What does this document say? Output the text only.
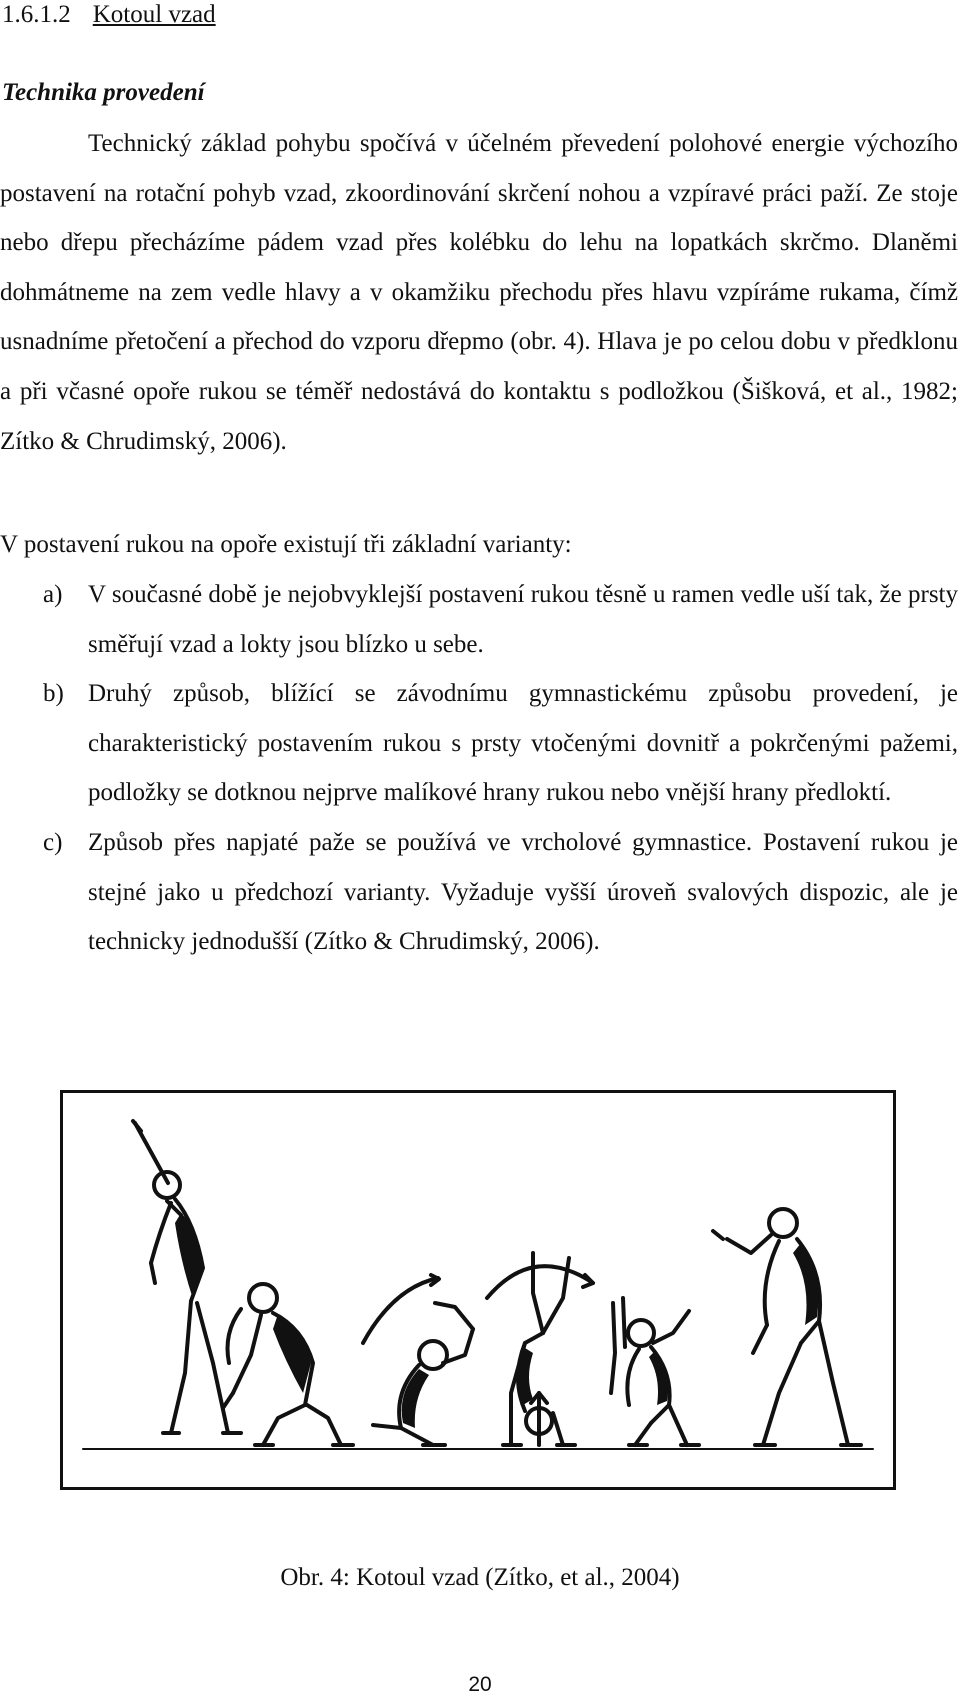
1.6.1.2 Kotoul vzad
Technika provedení

Technický základ pohybu spočívá v účelném převedení polohové energie výchozího postavení na rotační pohyb vzad, zkoordinování skrčení nohou a vzpíravé práci paží. Ze stoje nebo dřepu přecházíme pádem vzad přes kolébku do lehu na lopatkách skrčmo. Dlaněmi dohmátneme na zem vedle hlavy a v okamžiku přechodu přes hlavu vzpíráme rukama, čímž usnadníme přetočení a přechod do vzporu dřepmo (obr. 4). Hlava je po celou dobu v předklonu a při včasné opoře rukou se téměř nedostává do kontaktu s podložkou (Šišková, et al., 1982; Zítko & Chrudimský, 2006).

V postavení rukou na opoře existují tři základní varianty:

a) V současné době je nejobvyklejší postavení rukou těsně u ramen vedle uší tak, že prsty směřují vzad a lokty jsou blízko u sebe.
b) Druhý způsob, blížící se závodnímu gymnastickému způsobu provedení, je charakteristický postavením rukou s prsty vtočenými dovnitř a pokrčenými pažemi, podložky se dotknou nejprve malíkové hrany rukou nebo vnější hrany předloktí.
c) Způsob přes napjaté paže se používá ve vrcholové gymnastice. Postavení rukou je stejné jako u předchozí varianty. Vyžaduje vyšší úroveň svalových dispozic, ale je technicky jednodušší (Zítko & Chrudimský, 2006).

Obr. 4: Kotoul vzad (Zítko, et al., 2004)

20
